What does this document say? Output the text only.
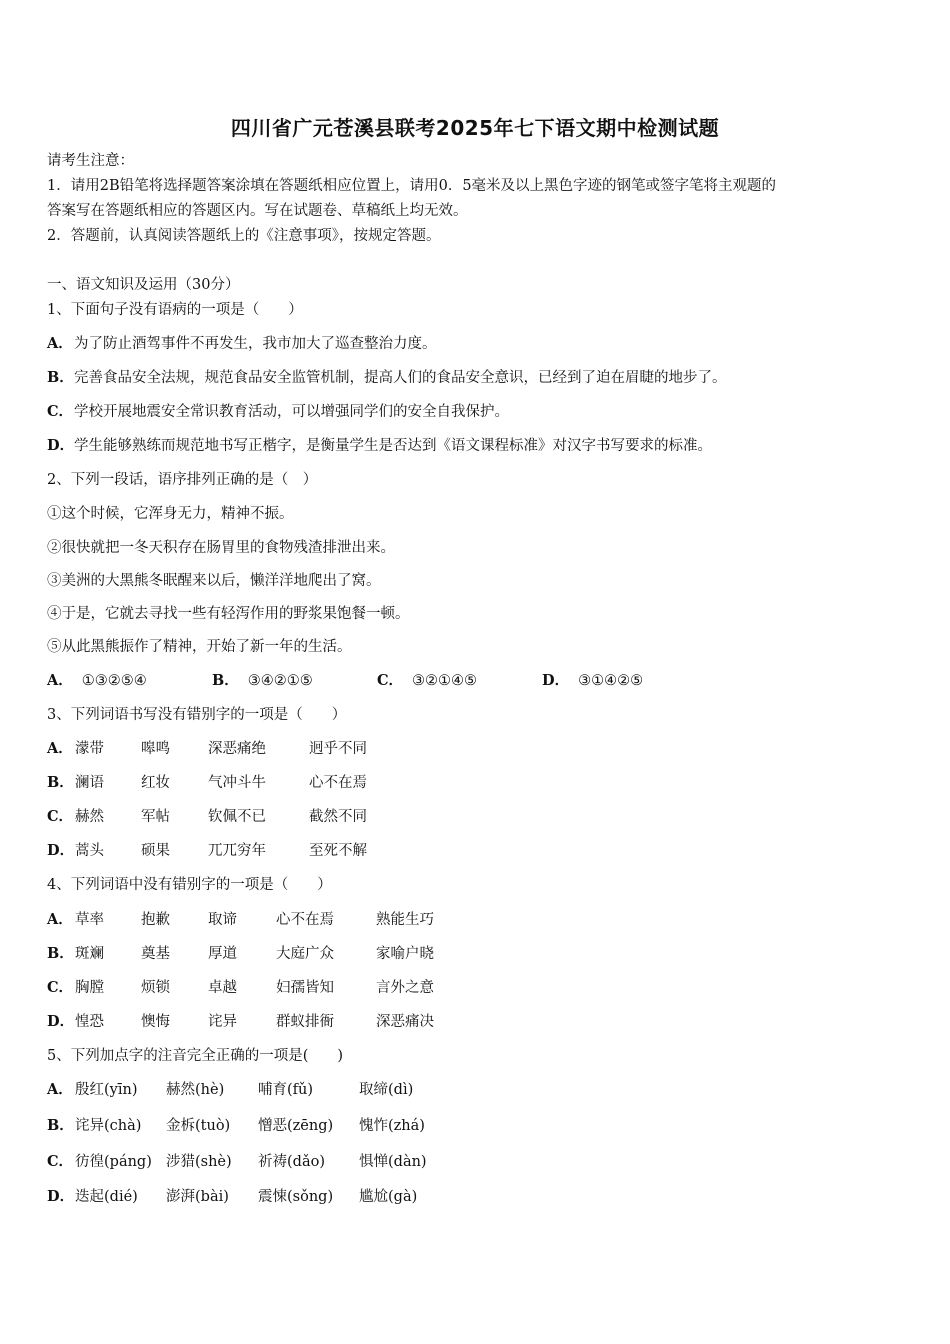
四川省广元苍溪县联考2025年七下语文期中检测试题
请考生注意：
1．请用2B铅笔将选择题答案涂填在答题纸相应位置上，请用0．5毫米及以上黑色字迹的钢笔或签字笔将主观题的
答案写在答题纸相应的答题区内。写在试题卷、草稿纸上均无效。
2．答题前，认真阅读答题纸上的《注意事项》，按规定答题。
一、语文知识及运用（30分）
1、下面句子没有语病的一项是（　　）
A．为了防止酒驾事件不再发生，我市加大了巡查整治力度。
B．完善食品安全法规，规范食品安全监管机制，提高人们的食品安全意识，已经到了迫在眉睫的地步了。
C．学校开展地震安全常识教育活动，可以增强同学们的安全自我保护。
D．学生能够熟练而规范地书写正楷字，是衡量学生是否达到《语文课程标准》对汉字书写要求的标准。
2、下列一段话，语序排列正确的是（　）
①这个时候，它浑身无力，精神不振。
②很快就把一冬天积存在肠胃里的食物残渣排泄出来。
③美洲的大黑熊冬眠醒来以后，懒洋洋地爬出了窝。
④于是，它就去寻找一些有轻泻作用的野浆果饱餐一顿。
⑤从此黑熊振作了精神，开始了新一年的生活。
A． ①③②⑤④	B． ③④②①⑤	C． ③②①④⑤	D． ③①④②⑤
3、下列词语书写没有错别字的一项是（　　）
A． 濛带	嗥鸣	深恶痛绝	迥乎不同
B． 澜语	红妆	气冲斗牛	心不在焉
C． 赫然	军帖	钦佩不已	截然不同
D． 蒿头	硕果	兀兀穷年	至死不解
4、下列词语中没有错别字的一项是（　　）
A． 草率	抱歉	取谛	心不在焉	熟能生巧
B． 斑斓	奠基	厚道	大庭广众	家喻户晓
C． 胸膛	烦锁	卓越	妇孺皆知	言外之意
D． 惶恐	懊悔	诧异	群蚁排衙	深恶痛决
5、下列加点字的注音完全正确的一项是(　　)
A． 殷红(yīn) 赫然(hè) 哺育(fǔ)	取缔(dì)
B． 诧异(chà) 金柝(tuò) 憎恶(zēng) 愧怍(zhá)
C． 彷徨(páng) 涉猎(shè) 祈祷(dǎo) 惧惮(dàn)
D． 迭起(dié) 澎湃(bài) 震悚(sǒng) 尴尬(gà)
